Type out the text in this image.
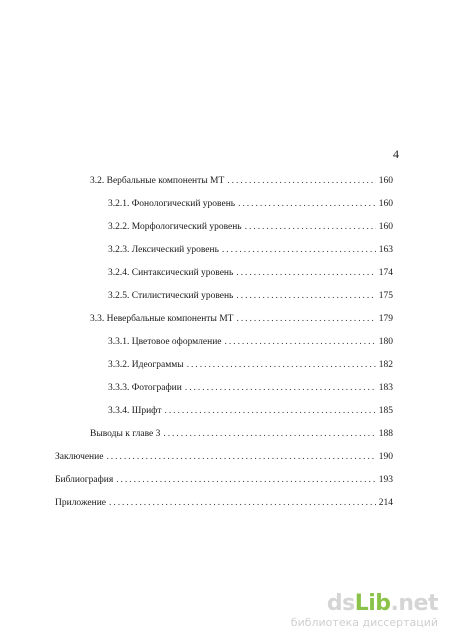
4
3.2. Вербальные компоненты МТ . . .	160
3.2.1. Фонологический уровень . . .	160
3.2.2. Морфологический уровень . . .	160
3.2.3. Лексический уровень . . .	163
3.2.4. Синтаксический уровень . . .	174
3.2.5. Стилистический уровень . . .	175
3.3. Невербальные компоненты МТ . . .	179
3.3.1. Цветовое оформление . . .	180
3.3.2. Идеограммы . . .	182
3.3.3. Фотографии . . .	183
3.3.4. Шрифт . . .	185
Выводы к главе 3 . . .	188
Заключение . . .	190
Библиография . . .	193
Приложение . . .	214
dsLib.net
библиотека диссертаций
